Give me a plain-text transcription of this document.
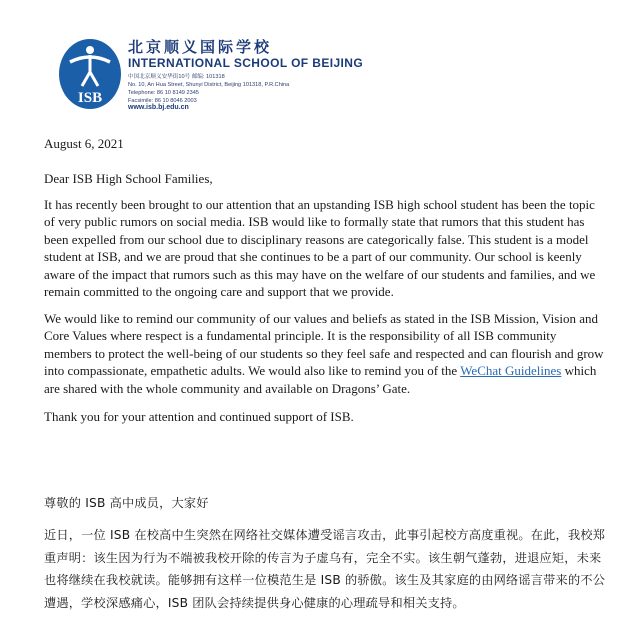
ISB
北京顺义国际学校
INTERNATIONAL SCHOOL OF BEIJING
中国北京顺义安华街10号 邮编: 101318
No. 10, An Hua Street, Shunyi District, Beijing 101318, P.R.China
Telephone: 86 10 8149 2345
Facsimile: 86 10 8046 2003
www.isb.bj.edu.cn

August 6, 2021

Dear ISB High School Families,

It has recently been brought to our attention that an upstanding ISB high school student has been the topic of very public rumors on social media. ISB would like to formally state that rumors that this student has been expelled from our school due to disciplinary reasons are categorically false. This student is a model student at ISB, and we are proud that she continues to be a part of our community. Our school is keenly aware of the impact that rumors such as this may have on the welfare of our students and families, and we remain committed to the ongoing care and support that we provide.

We would like to remind our community of our values and beliefs as stated in the ISB Mission, Vision and Core Values where respect is a fundamental principle. It is the responsibility of all ISB community members to protect the well-being of our students so they feel safe and respected and can flourish and grow into compassionate, empathetic adults. We would also like to remind you of the WeChat Guidelines which are shared with the whole community and available on Dragons’ Gate.

Thank you for your attention and continued support of ISB.

尊敬的 ISB 高中成员，大家好

近日，一位 ISB 在校高中生突然在网络社交媒体遭受谣言攻击，此事引起校方高度重视。在此，我校郑重声明：该生因为行为不端被我校开除的传言为子虚乌有，完全不实。该生朝气蓬勃，进退应矩，未来也将继续在我校就读。能够拥有这样一位模范生是 ISB 的骄傲。该生及其家庭的由网络谣言带来的不公遭遇，学校深感痛心，ISB 团队会持续提供身心健康的心理疏导和相关支持。
